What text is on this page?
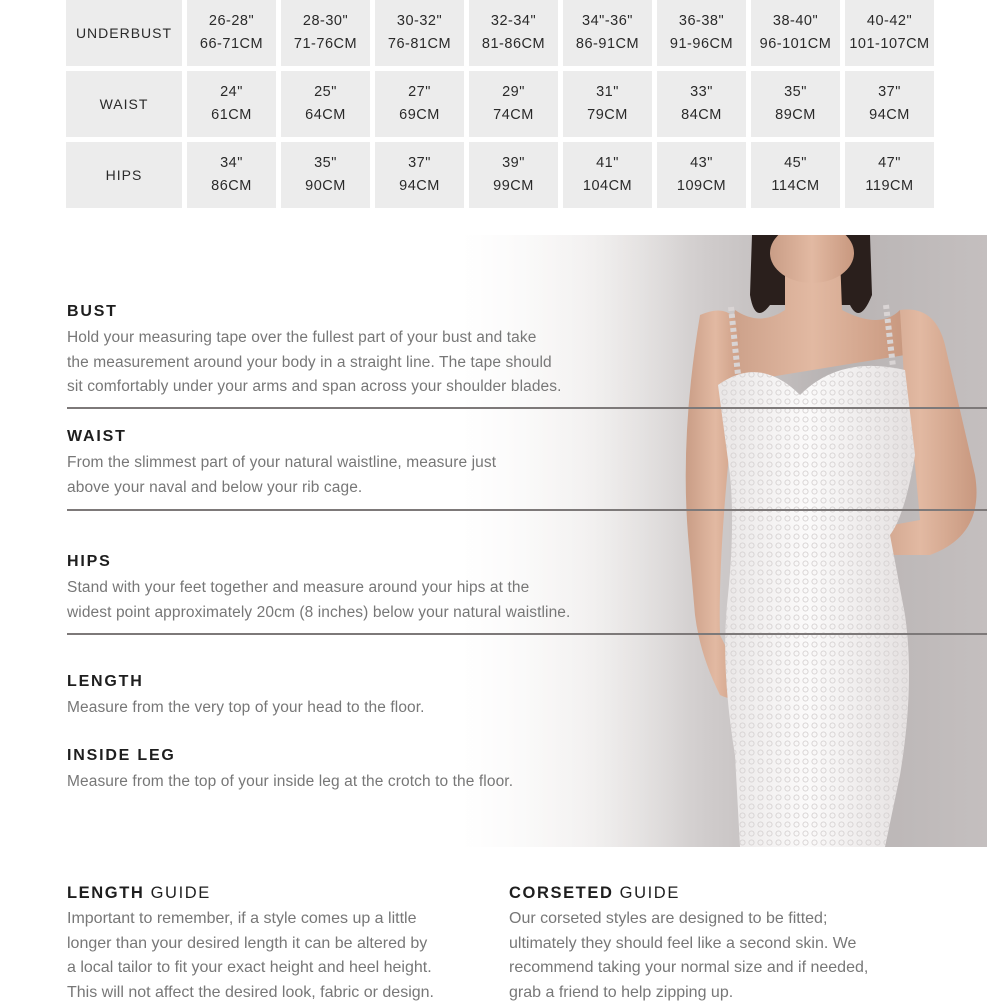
UNDERBUST
26-28"
66-71CM
28-30"
71-76CM
30-32"
76-81CM
32-34"
81-86CM
34"-36"
86-91CM
36-38"
91-96CM
38-40"
96-101CM
40-42"
101-107CM
WAIST
24"
61CM
25"
64CM
27"
69CM
29"
74CM
31"
79CM
33"
84CM
35"
89CM
37"
94CM
HIPS
34"
86CM
35"
90CM
37"
94CM
39"
99CM
41"
104CM
43"
109CM
45"
114CM
47"
119CM
BUST

Hold your measuring tape over the fullest part of your bust and take
the measurement around your body in a straight line. The tape should
sit comfortably under your arms and span across your shoulder blades.

WAIST

From the slimmest part of your natural waistline, measure just
above your naval and below your rib cage.

HIPS

Stand with your feet together and measure around your hips at the
widest point approximately 20cm (8 inches) below your natural waistline.

LENGTH

Measure from the very top of your head to the floor.

INSIDE LEG

Measure from the top of your inside leg at the crotch to the floor.

LENGTH GUIDE

Important to remember, if a style comes up a little
longer than your desired length it can be altered by
a local tailor to fit your exact height and heel height.
This will not affect the desired look, fabric or design.

CORSETED GUIDE

Our corseted styles are designed to be fitted;
ultimately they should feel like a second skin. We
recommend taking your normal size and if needed,
grab a friend to help zipping up.
